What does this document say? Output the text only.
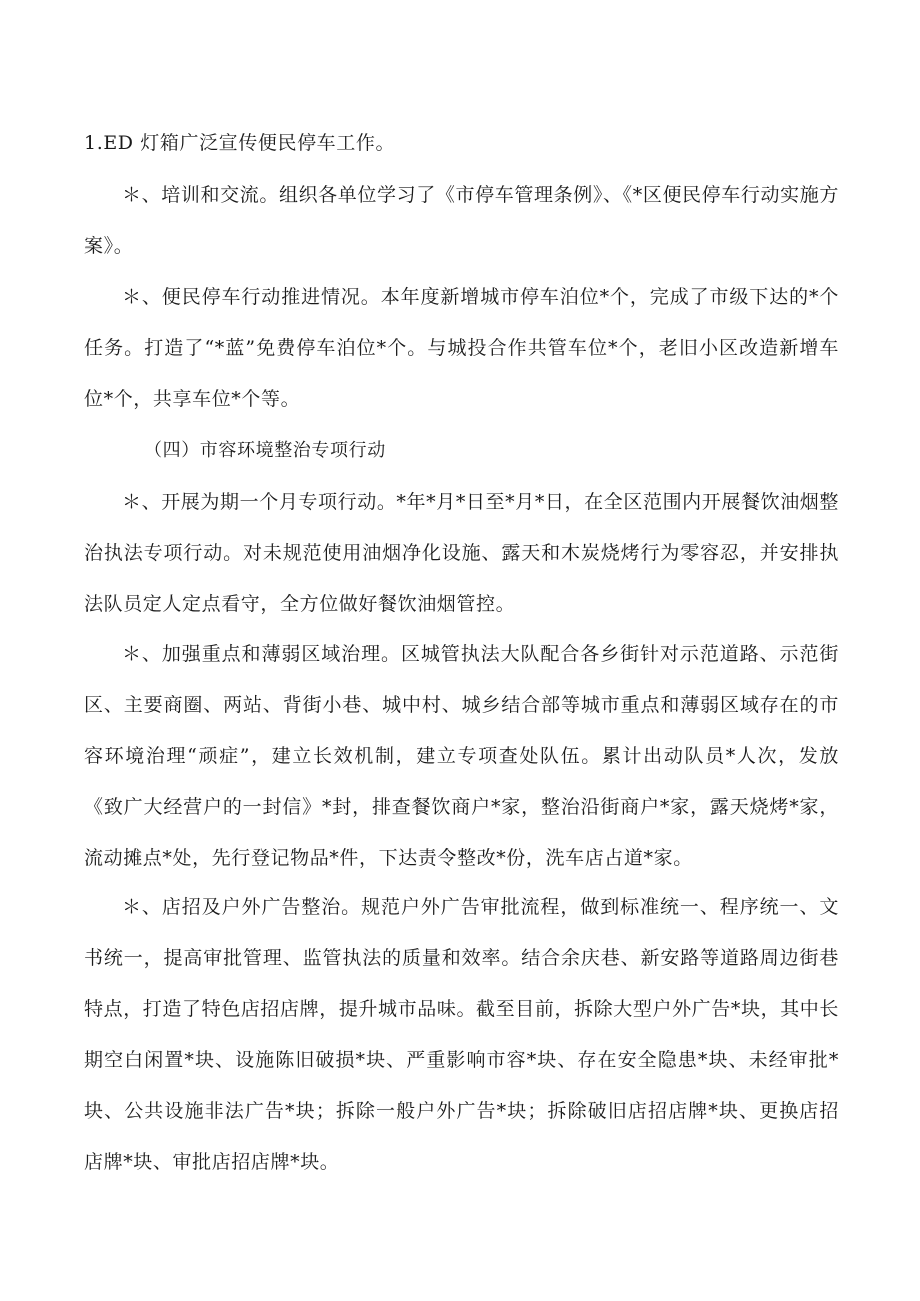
1.ED 灯箱广泛宣传便民停车工作。

＊、培训和交流。组织各单位学习了《市停车管理条例》、《*区便民停车行动实施方案》。

＊、便民停车行动推进情况。本年度新增城市停车泊位*个，完成了市级下达的*个任务。打造了“*蓝”免费停车泊位*个。与城投合作共管车位*个，老旧小区改造新增车位*个，共享车位*个等。

（四）市容环境整治专项行动

＊、开展为期一个月专项行动。*年*月*日至*月*日，在全区范围内开展餐饮油烟整治执法专项行动。对未规范使用油烟净化设施、露天和木炭烧烤行为零容忍，并安排执法队员定人定点看守，全方位做好餐饮油烟管控。

＊、加强重点和薄弱区域治理。区城管执法大队配合各乡街针对示范道路、示范街区、主要商圈、两站、背街小巷、城中村、城乡结合部等城市重点和薄弱区域存在的市容环境治理“顽症”，建立长效机制，建立专项查处队伍。累计出动队员*人次，发放《致广大经营户的一封信》*封，排查餐饮商户*家，整治沿街商户*家，露天烧烤*家，流动摊点*处，先行登记物品*件，下达责令整改*份，洗车店占道*家。

＊、店招及户外广告整治。规范户外广告审批流程，做到标准统一、程序统一、文书统一，提高审批管理、监管执法的质量和效率。结合余庆巷、新安路等道路周边街巷特点，打造了特色店招店牌，提升城市品味。截至目前，拆除大型户外广告*块，其中长期空白闲置*块、设施陈旧破损*块、严重影响市容*块、存在安全隐患*块、未经审批*块、公共设施非法广告*块；拆除一般户外广告*块；拆除破旧店招店牌*块、更换店招店牌*块、审批店招店牌*块。
